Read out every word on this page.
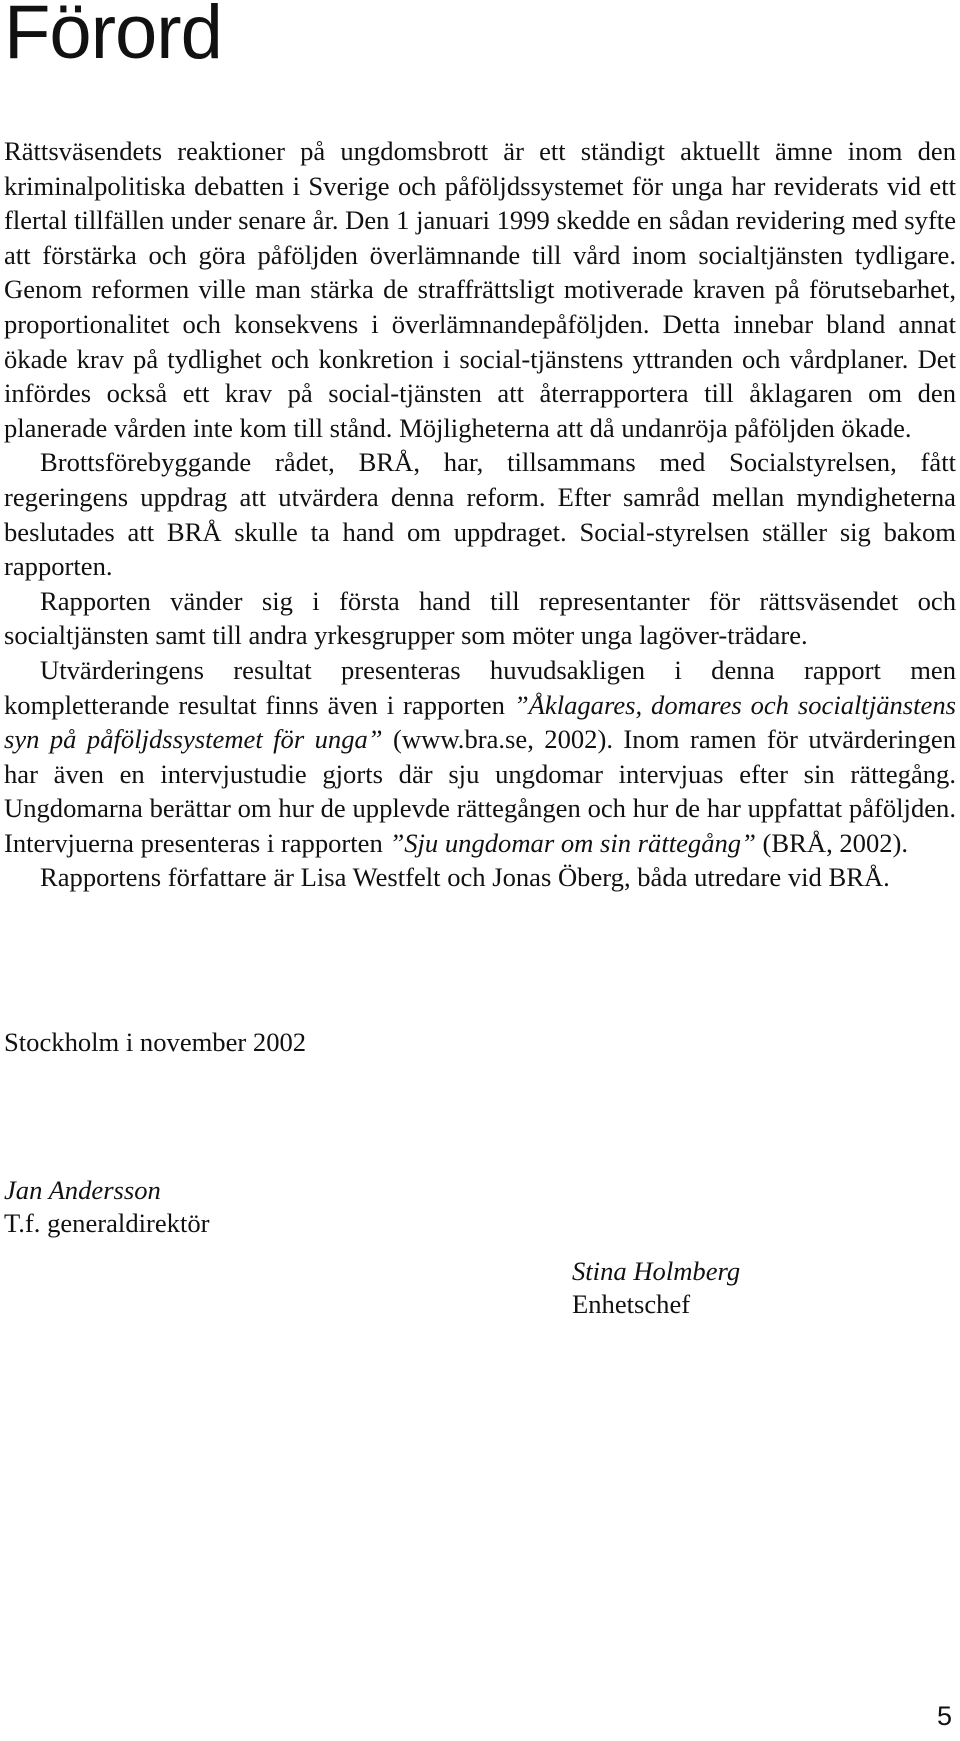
Förord

Rättsväsendets reaktioner på ungdomsbrott är ett ständigt aktuellt ämne inom den kriminalpolitiska debatten i Sverige och påföljdssystemet för unga har reviderats vid ett flertal tillfällen under senare år. Den 1 januari 1999 skedde en sådan revidering med syfte att förstärka och göra påföljden överlämnande till vård inom socialtjänsten tydligare. Genom reformen ville man stärka de straffrättsligt motiverade kraven på förutsebarhet, proportionalitet och konsekvens i överlämnandepåföljden. Detta innebar bland annat ökade krav på tydlighet och konkretion i social-tjänstens yttranden och vårdplaner. Det infördes också ett krav på social-tjänsten att återrapportera till åklagaren om den planerade vården inte kom till stånd. Möjligheterna att då undanröja påföljden ökade.

Brottsförebyggande rådet, BRÅ, har, tillsammans med Socialstyrelsen, fått regeringens uppdrag att utvärdera denna reform. Efter samråd mellan myndigheterna beslutades att BRÅ skulle ta hand om uppdraget. Social-styrelsen ställer sig bakom rapporten.

Rapporten vänder sig i första hand till representanter för rättsväsendet och socialtjänsten samt till andra yrkesgrupper som möter unga lagöver-trädare.

Utvärderingens resultat presenteras huvudsakligen i denna rapport men kompletterande resultat finns även i rapporten ”Åklagares, domares och socialtjänstens syn på påföljdssystemet för unga” (www.bra.se, 2002). Inom ramen för utvärderingen har även en intervjustudie gjorts där sju ungdomar intervjuas efter sin rättegång. Ungdomarna berättar om hur de upplevde rättegången och hur de har uppfattat påföljden. Intervjuerna presenteras i rapporten ”Sju ungdomar om sin rättegång” (BRÅ, 2002).

Rapportens författare är Lisa Westfelt och Jonas Öberg, båda utredare vid BRÅ.

Stockholm i november 2002

Jan Andersson
T.f. generaldirektör
Stina Holmberg
Enhetschef

5
